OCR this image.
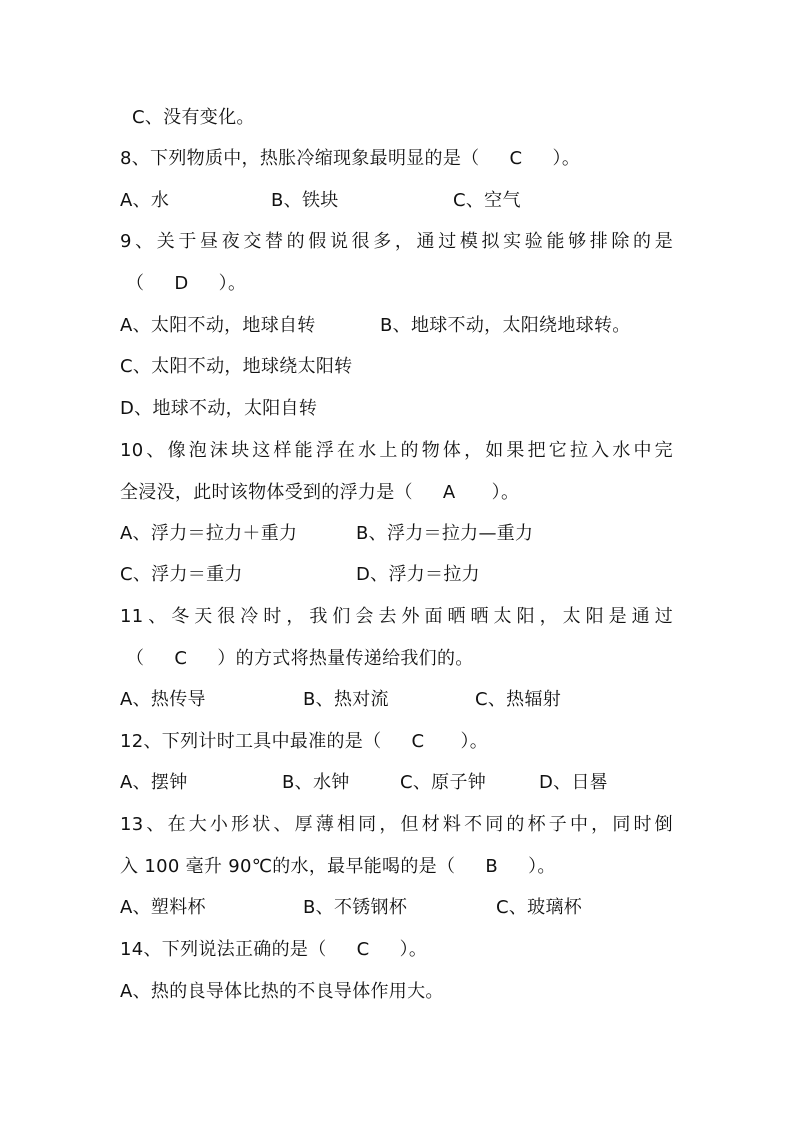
C、没有变化。
8、下列物质中，热胀冷缩现象最明显的是（     C     ）。

A、水

	B、铁块

	C、空气

9、关于昼夜交替的假说很多，通过模拟实验能够排除的是
（     D     ）。

A、太阳不动，地球自转

	B、地球不动，太阳绕地球转。

C、太阳不动，地球绕太阳转
D、地球不动，太阳自转
10、像泡沫块这样能浮在水上的物体，如果把它拉入水中完
全浸没，此时该物体受到的浮力是（     A      ）。

A、浮力＝拉力＋重力

	B、浮力＝拉力—重力

C、浮力＝重力

	D、浮力＝拉力

11、冬天很冷时，我们会去外面晒晒太阳，太阳是通过
（     C     ）的方式将热量传递给我们的。

A、热传导

	B、热对流

	C、热辐射

12、下列计时工具中最准的是（     C      ）。

A、摆钟

	B、水钟

	C、原子钟

	D、日晷

13、在大小形状、厚薄相同，但材料不同的杯子中，同时倒
入 100 毫升 90℃的水，最早能喝的是（     B     ）。

A、塑料杯

	B、不锈钢杯

	C、玻璃杯

14、下列说法正确的是（     C     ）。
A、热的良导体比热的不良导体作用大。
